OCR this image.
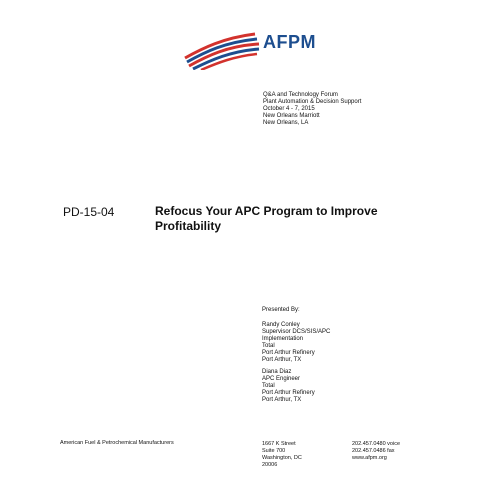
AFPM
Q&A and Technology Forum
Plant Automation & Decision Support
October 4 - 7, 2015
New Orleans Marriott
New Orleans, LA
PD-15-04	Refocus Your APC Program to Improve Profitability
Presented By:
Randy Conley
Supervisor DCS/SIS/APC
Implementation
Total
Port Arthur Refinery
Port Arthur, TX
Diana Diaz
APC Engineer
Total
Port Arthur Refinery
Port Arthur, TX
American Fuel & Petrochemical Manufacturers	1667 K Street
Suite 700
Washington, DC
20006
202.457.0480 voice
202.457.0486 fax
www.afpm.org
